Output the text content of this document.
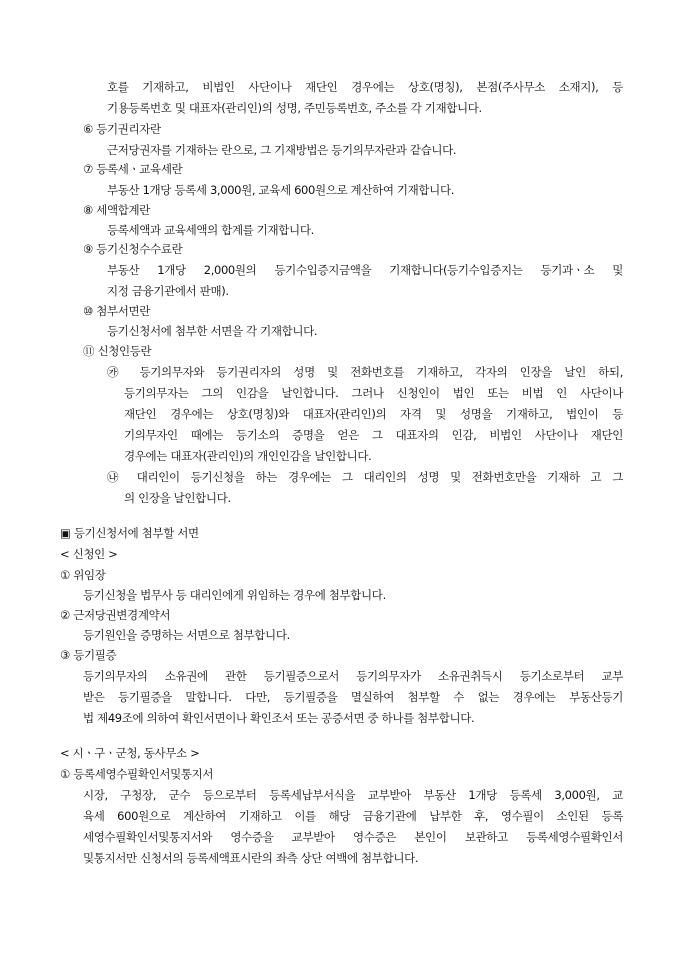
호를 기재하고, 비법인 사단이나 재단인 경우에는 상호(명칭), 본점(주사무소 소재지), 등
기용등록번호 및 대표자(관리인)의 성명, 주민등록번호, 주소를 각 기재합니다.
⑥ 등기권리자란
근저당권자를 기재하는 란으로, 그 기재방법은 등기의무자란과 같습니다.
⑦ 등록세ㆍ교육세란
부동산 1개당 등록세 3,000원, 교육세 600원으로 계산하여 기재합니다.
⑧ 세액합계란
등록세액과 교육세액의 합계를 기재합니다.
⑨ 등기신청수수료란
부동산 1개당 2,000원의 등기수입증지금액을 기재합니다(등기수입증지는 등기과ㆍ소 및
지정 금융기관에서 판매).
⑩ 첨부서면란
등기신청서에 첨부한 서면을 각 기재합니다.
⑪ 신청인등란
㉮ 등기의무자와 등기권리자의 성명 및 전화번호를 기재하고, 각자의 인장을 날인 하되,
등기의무자는 그의 인감을 날인합니다. 그러나 신청인이 법인 또는 비법 인 사단이나
재단인 경우에는 상호(명칭)와 대표자(관리인)의 자격 및 성명을 기재하고, 법인이 등
기의무자인 때에는 등기소의 증명을 얻은 그 대표자의 인감, 비법인 사단이나 재단인
경우에는 대표자(관리인)의 개인인감을 날인합니다.
㉯ 대리인이 등기신청을 하는 경우에는 그 대리인의 성명 및 전화번호만을 기재하 고 그
의 인장을 날인합니다.
▣ 등기신청서에 첨부할 서면
< 신청인 >
① 위임장
등기신청을 법무사 등 대리인에게 위임하는 경우에 첨부합니다.
② 근저당권변경계약서
등기원인을 증명하는 서면으로 첨부합니다.
③ 등기필증
등기의무자의 소유권에 관한 등기필증으로서 등기의무자가 소유권취득시 등기소로부터 교부
받은 등기필증을 말합니다. 다만, 등기필증을 멸실하여 첨부할 수 없는 경우에는 부동산등기
법 제49조에 의하여 확인서면이나 확인조서 또는 공증서면 중 하나를 첨부합니다.
< 시ㆍ구ㆍ군청, 동사무소 >
① 등록세영수필확인서및통지서
시장, 구청장, 군수 등으로부터 등록세납부서식을 교부받아 부동산 1개당 등록세 3,000원, 교
육세 600원으로 계산하여 기재하고 이를 해당 금융기관에 납부한 후, 영수필이 소인된 등록
세영수필확인서및통지서와 영수증을 교부받아 영수증은 본인이 보관하고 등록세영수필확인서
및통지서만 신청서의 등록세액표시란의 좌측 상단 여백에 첨부합니다.
